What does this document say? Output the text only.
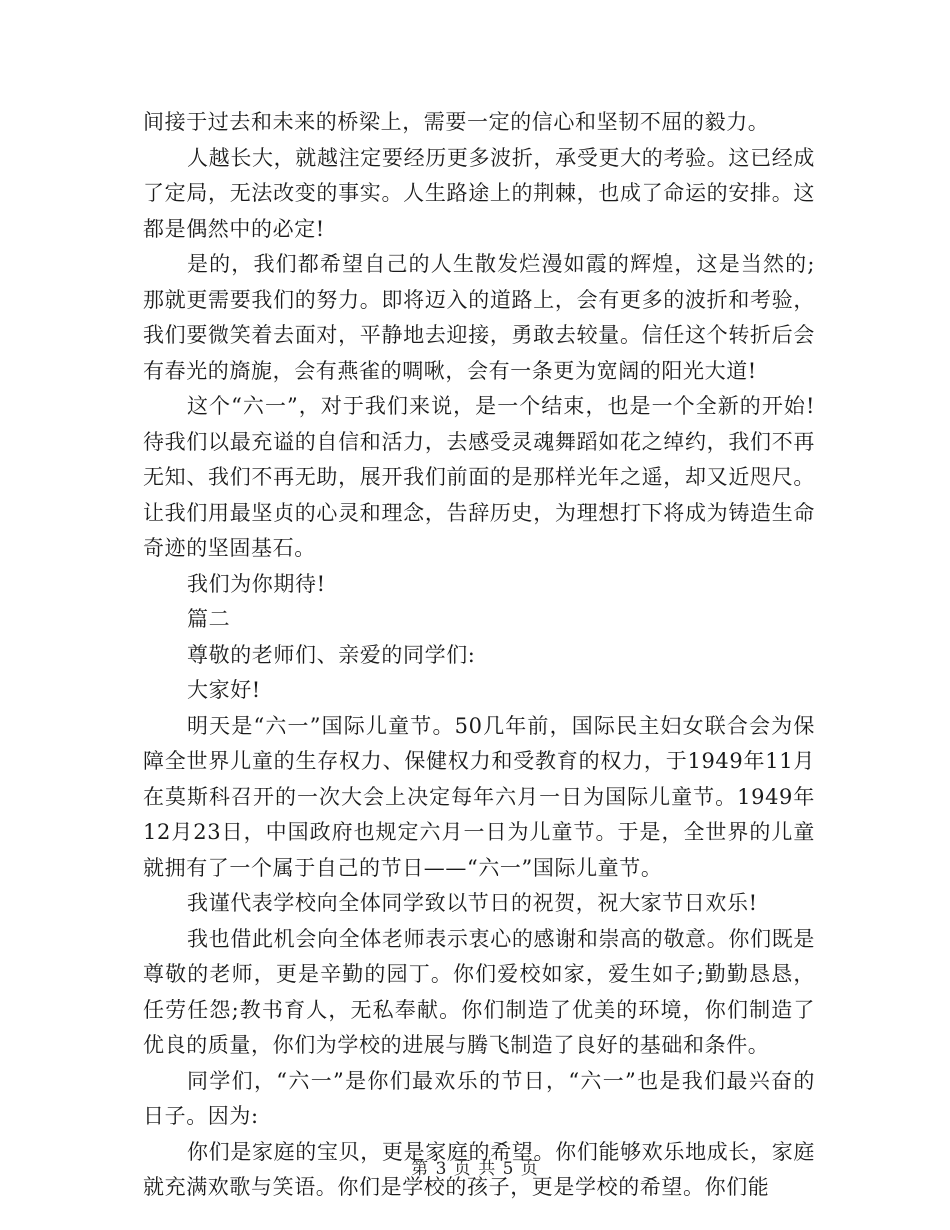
间接于过去和未来的桥梁上，需要一定的信心和坚韧不屈的毅力。

人越长大，就越注定要经历更多波折，承受更大的考验。这已经成了定局，无法改变的事实。人生路途上的荆棘，也成了命运的安排。这都是偶然中的必定!

是的，我们都希望自己的人生散发烂漫如霞的辉煌，这是当然的;那就更需要我们的努力。即将迈入的道路上，会有更多的波折和考验，我们要微笑着去面对，平静地去迎接，勇敢去较量。信任这个转折后会有春光的旖旎，会有燕雀的啁啾，会有一条更为宽阔的阳光大道!

这个“六一”，对于我们来说，是一个结束，也是一个全新的开始!待我们以最充谥的自信和活力，去感受灵魂舞蹈如花之绰约，我们不再无知、我们不再无助，展开我们前面的是那样光年之遥，却又近咫尺。让我们用最坚贞的心灵和理念，告辞历史，为理想打下将成为铸造生命奇迹的坚固基石。

我们为你期待!

篇二

尊敬的老师们、亲爱的同学们:

大家好!

明天是“六一”国际儿童节。50几年前，国际民主妇女联合会为保障全世界儿童的生存权力、保健权力和受教育的权力，于1949年11月在莫斯科召开的一次大会上决定每年六月一日为国际儿童节。1949年12月23日，中国政府也规定六月一日为儿童节。于是，全世界的儿童就拥有了一个属于自己的节日——“六一”国际儿童节。

我谨代表学校向全体同学致以节日的祝贺，祝大家节日欢乐!

我也借此机会向全体老师表示衷心的感谢和崇高的敬意。你们既是尊敬的老师，更是辛勤的园丁。你们爱校如家，爱生如子;勤勤恳恳，任劳任怨;教书育人，无私奉献。你们制造了优美的环境，你们制造了优良的质量，你们为学校的进展与腾飞制造了良好的基础和条件。

同学们，“六一”是你们最欢乐的节日，“六一”也是我们最兴奋的日子。因为:

你们是家庭的宝贝，更是家庭的希望。你们能够欢乐地成长，家庭就充满欢歌与笑语。你们是学校的孩子，更是学校的希望。你们能

第 3 页 共 5 页
